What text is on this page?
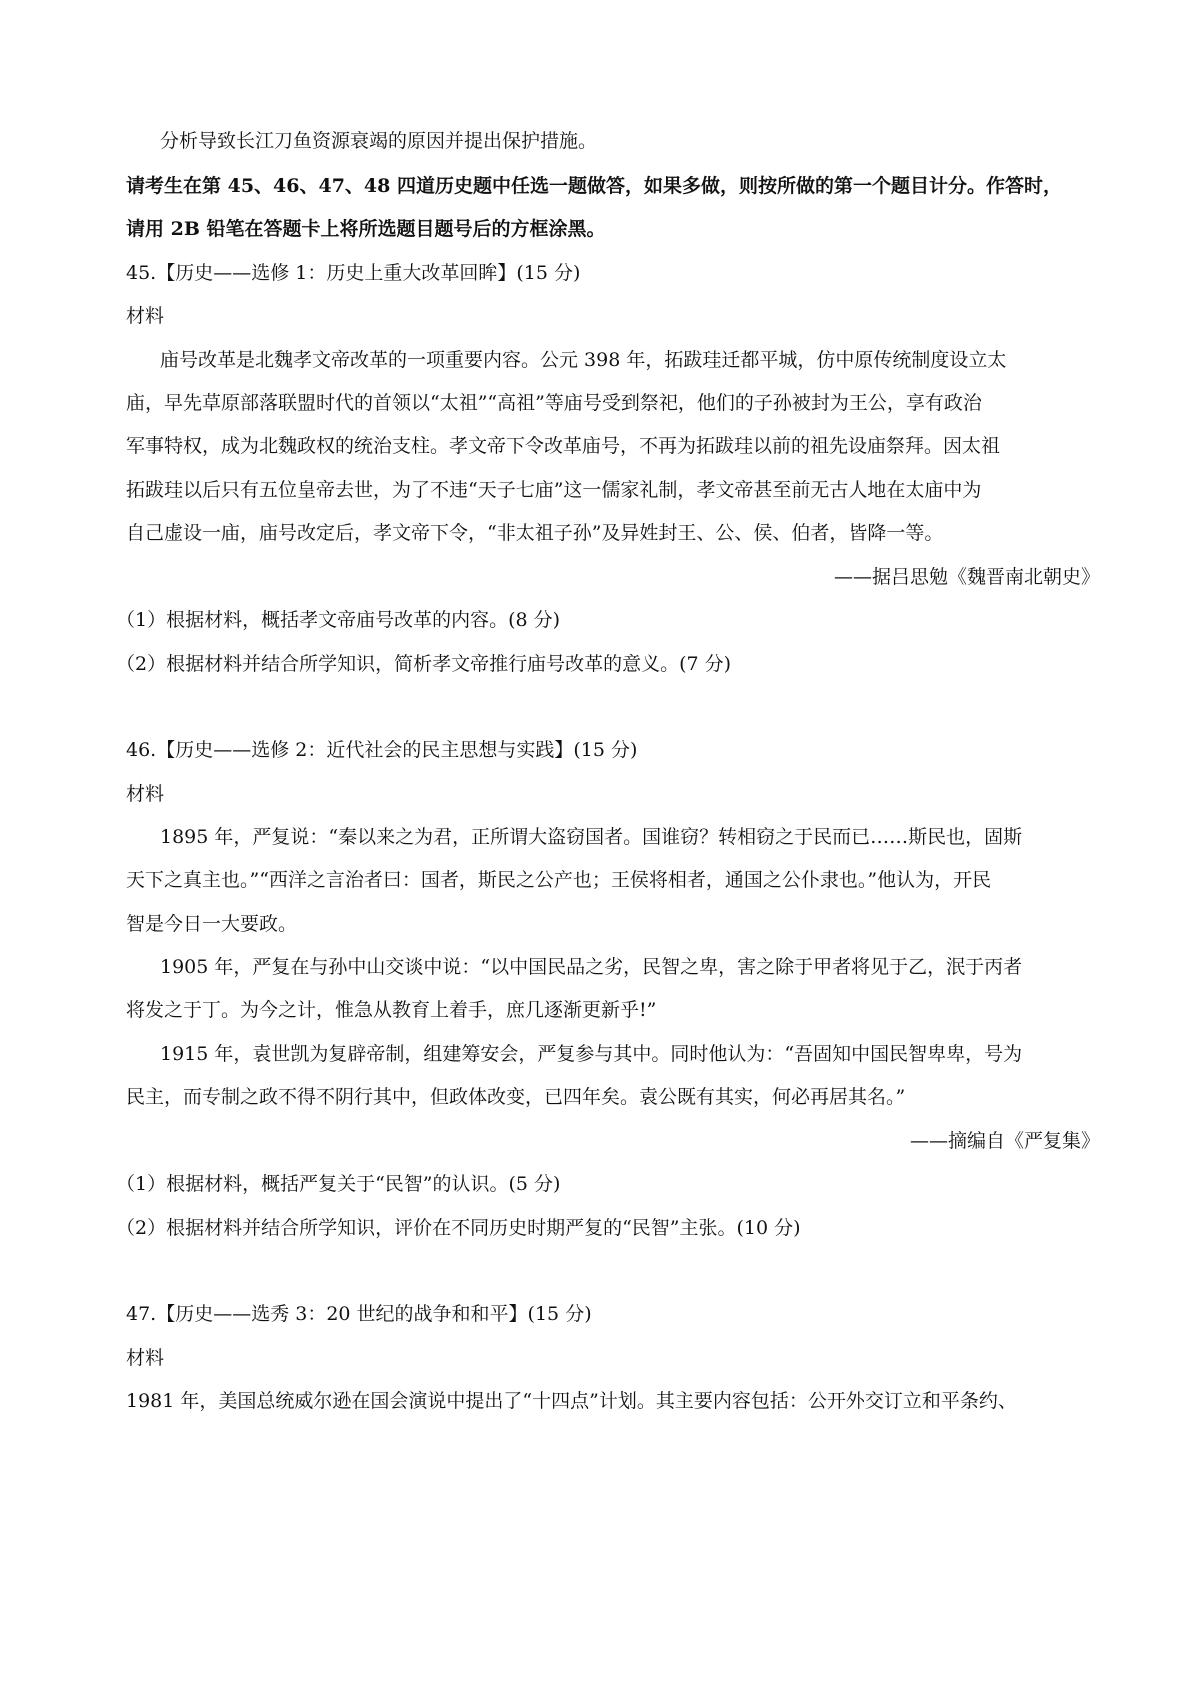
分析导致长江刀鱼资源衰竭的原因并提出保护措施。
请考生在第 45、46、47、48 四道历史题中任选一题做答，如果多做，则按所做的第一个题目计分。作答时，
请用 2B 铅笔在答题卡上将所选题目题号后的方框涂黑。
45.【历史——选修 1：历史上重大改革回眸】(15 分)
材料
庙号改革是北魏孝文帝改革的一项重要内容。公元 398 年，拓跋珪迁都平城，仿中原传统制度设立太
庙，早先草原部落联盟时代的首领以“太祖”“高祖”等庙号受到祭祀，他们的子孙被封为王公，享有政治
军事特权，成为北魏政权的统治支柱。孝文帝下令改革庙号，不再为拓跋珪以前的祖先设庙祭拜。因太祖
拓跋珪以后只有五位皇帝去世，为了不违“天子七庙”这一儒家礼制，孝文帝甚至前无古人地在太庙中为
自己虚设一庙，庙号改定后，孝文帝下令，“非太祖子孙”及异姓封王、公、侯、伯者，皆降一等。
——据吕思勉《魏晋南北朝史》
（1）根据材料，概括孝文帝庙号改革的内容。(8 分)
（2）根据材料并结合所学知识，简析孝文帝推行庙号改革的意义。(7 分)
46.【历史——选修 2：近代社会的民主思想与实践】(15 分)
材料
1895 年，严复说：“秦以来之为君，正所谓大盗窃国者。国谁窃？转相窃之于民而已……斯民也，固斯
天下之真主也。”“西洋之言治者曰：国者，斯民之公产也；王侯将相者，通国之公仆隶也。”他认为，开民
智是今日一大要政。
1905 年，严复在与孙中山交谈中说：“以中国民品之劣，民智之卑，害之除于甲者将见于乙，泯于丙者
将发之于丁。为今之计，惟急从教育上着手，庶几逐渐更新乎!”
1915 年，袁世凯为复辟帝制，组建筹安会，严复参与其中。同时他认为：“吾固知中国民智卑卑，号为
民主，而专制之政不得不阴行其中，但政体改变，已四年矣。袁公既有其实，何必再居其名。”
——摘编自《严复集》
（1）根据材料，概括严复关于“民智”的认识。(5 分)
（2）根据材料并结合所学知识，评价在不同历史时期严复的“民智”主张。(10 分)
47.【历史——选秀 3：20 世纪的战争和和平】(15 分)
材料
1981 年，美国总统威尔逊在国会演说中提出了“十四点”计划。其主要内容包括：公开外交订立和平条约、
